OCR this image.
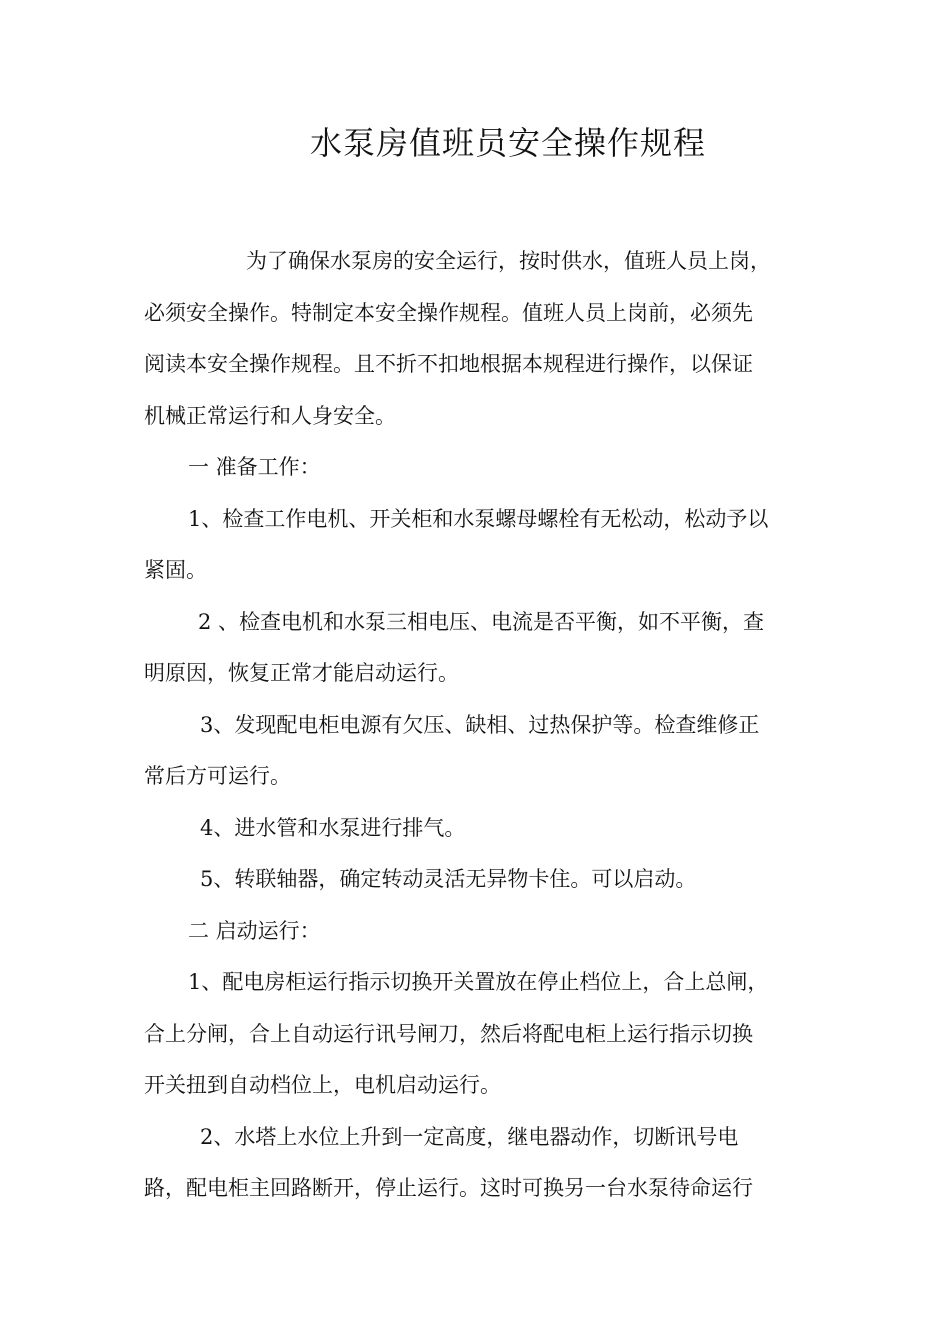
水泵房值班员安全操作规程
为了确保水泵房的安全运行，按时供水，值班人员上岗，
必须安全操作。特制定本安全操作规程。值班人员上岗前，必须先
阅读本安全操作规程。且不折不扣地根据本规程进行操作，以保证
机械正常运行和人身安全。
一 准备工作：
1、检查工作电机、开关柜和水泵螺母螺栓有无松动，松动予以
紧固。
2 、检查电机和水泵三相电压、电流是否平衡，如不平衡，查
明原因，恢复正常才能启动运行。
3、发现配电柜电源有欠压、缺相、过热保护等。检查维修正
常后方可运行。
4、进水管和水泵进行排气。
5、转联轴器，确定转动灵活无异物卡住。可以启动。
二 启动运行：
1、配电房柜运行指示切换开关置放在停止档位上，合上总闸，
合上分闸，合上自动运行讯号闸刀，然后将配电柜上运行指示切换
开关扭到自动档位上，电机启动运行。
2、水塔上水位上升到一定高度，继电器动作，切断讯号电
路，配电柜主回路断开，停止运行。这时可换另一台水泵待命运行
